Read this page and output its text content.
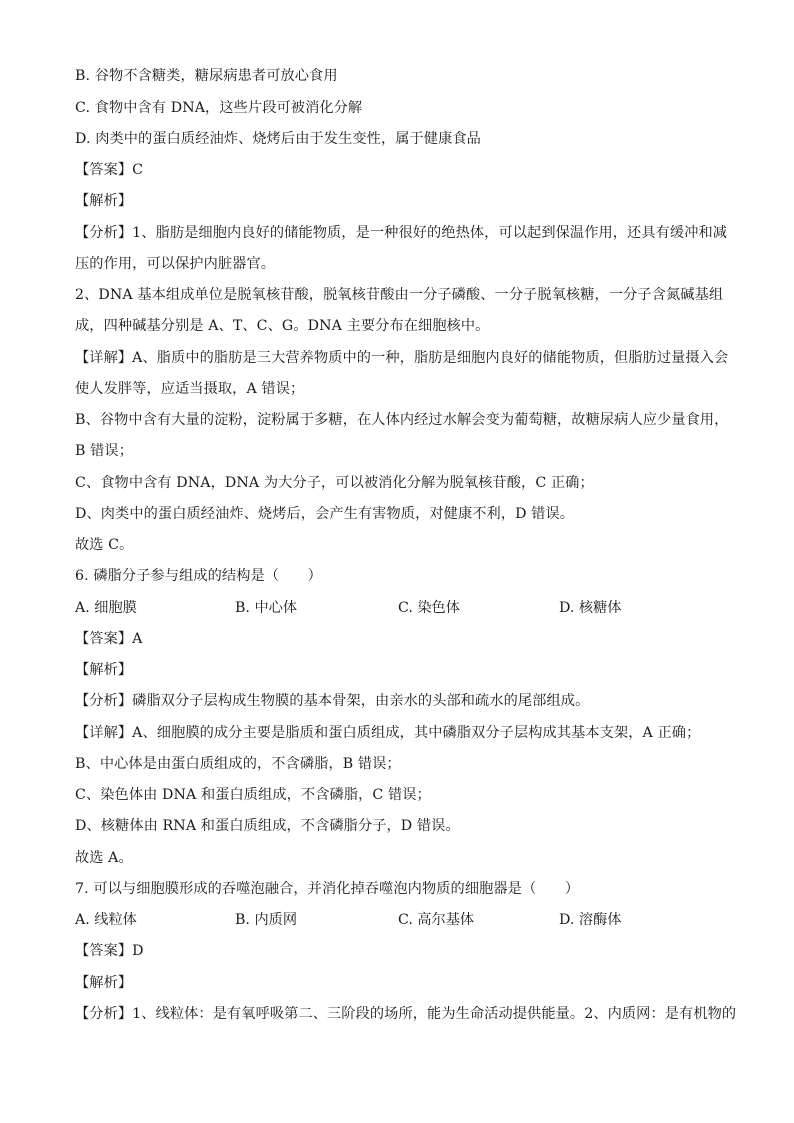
B. 谷物不含糖类，糖尿病患者可放心食用
C. 食物中含有 DNA，这些片段可被消化分解
D. 肉类中的蛋白质经油炸、烧烤后由于发生变性，属于健康食品
【答案】C
【解析】
【分析】1、脂肪是细胞内良好的储能物质，是一种很好的绝热体，可以起到保温作用，还具有缓冲和减
压的作用，可以保护内脏器官。
2、DNA 基本组成单位是脱氧核苷酸，脱氧核苷酸由一分子磷酸、一分子脱氧核糖，一分子含氮碱基组
成，四种碱基分别是 A、T、C、G。DNA 主要分布在细胞核中。
【详解】A、脂质中的脂肪是三大营养物质中的一种，脂肪是细胞内良好的储能物质，但脂肪过量摄入会
使人发胖等，应适当摄取，A 错误；
B、谷物中含有大量的淀粉，淀粉属于多糖，在人体内经过水解会变为葡萄糖，故糖尿病人应少量食用，
B 错误；
C、食物中含有 DNA，DNA 为大分子，可以被消化分解为脱氧核苷酸，C 正确；
D、肉类中的蛋白质经油炸、烧烤后，会产生有害物质，对健康不利，D 错误。
故选 C。
6. 磷脂分子参与组成的结构是（　　）
A. 细胞膜	B. 中心体	C. 染色体	D. 核糖体
【答案】A
【解析】
【分析】磷脂双分子层构成生物膜的基本骨架，由亲水的头部和疏水的尾部组成。
【详解】A、细胞膜的成分主要是脂质和蛋白质组成，其中磷脂双分子层构成其基本支架，A 正确；
B、中心体是由蛋白质组成的，不含磷脂，B 错误；
C、染色体由 DNA 和蛋白质组成，不含磷脂，C 错误；
D、核糖体由 RNA 和蛋白质组成，不含磷脂分子，D 错误。
故选 A。
7. 可以与细胞膜形成的吞噬泡融合，并消化掉吞噬泡内物质的细胞器是（　　）
A. 线粒体	B. 内质网	C. 高尔基体	D. 溶酶体
【答案】D
【解析】
【分析】1、线粒体：是有氧呼吸第二、三阶段的场所，能为生命活动提供能量。2、内质网：是有机物的
